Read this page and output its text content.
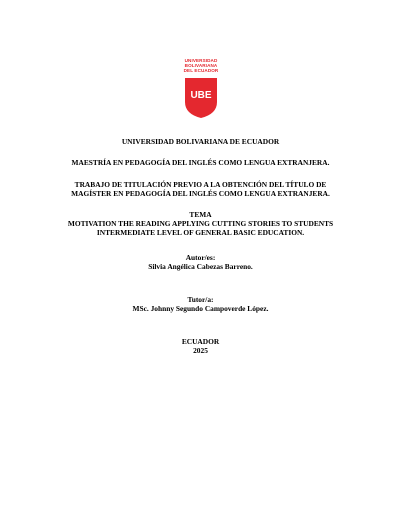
UNIVERSIDAD
BOLIVARIANA
DEL ECUADOR
UBE

UNIVERSIDAD BOLIVARIANA DE ECUADOR

MAESTRÍA EN PEDAGOGÍA DEL INGLÉS COMO LENGUA EXTRANJERA.

TRABAJO DE TITULACIÓN PREVIO A LA OBTENCIÓN DEL TÍTULO DE

MAGÍSTER EN PEDAGOGÍA DEL INGLÉS COMO LENGUA EXTRANJERA.

TEMA

MOTIVATION THE READING APPLYING CUTTING STORIES TO STUDENTS

INTERMEDIATE LEVEL OF GENERAL BASIC EDUCATION.

Autor/es:

Silvia Angélica Cabezas Barreno.

Tutor/a:

MSc. Johnny Segundo Campoverde López.

ECUADOR

2025
